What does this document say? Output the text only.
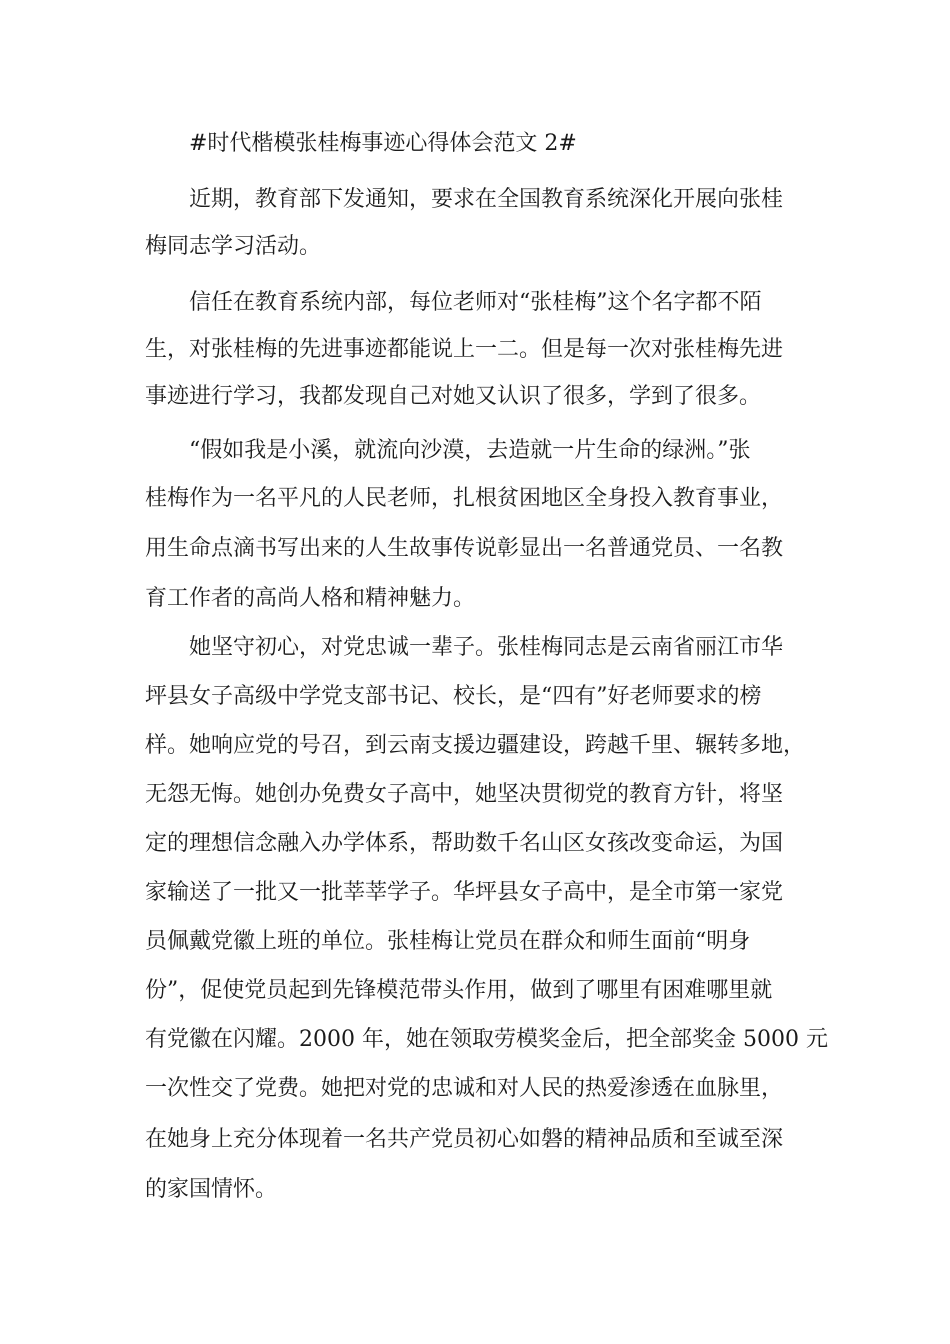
#时代楷模张桂梅事迹心得体会范文 2#
近期，教育部下发通知，要求在全国教育系统深化开展向张桂
梅同志学习活动。
信任在教育系统内部，每位老师对“张桂梅”这个名字都不陌
生，对张桂梅的先进事迹都能说上一二。但是每一次对张桂梅先进
事迹进行学习，我都发现自己对她又认识了很多，学到了很多。
“假如我是小溪，就流向沙漠，去造就一片生命的绿洲。”张
桂梅作为一名平凡的人民老师，扎根贫困地区全身投入教育事业，
用生命点滴书写出来的人生故事传说彰显出一名普通党员、一名教
育工作者的高尚人格和精神魅力。
她坚守初心，对党忠诚一辈子。张桂梅同志是云南省丽江市华
坪县女子高级中学党支部书记、校长，是“四有”好老师要求的榜
样。她响应党的号召，到云南支援边疆建设，跨越千里、辗转多地，
无怨无悔。她创办免费女子高中，她坚决贯彻党的教育方针，将坚
定的理想信念融入办学体系，帮助数千名山区女孩改变命运，为国
家输送了一批又一批莘莘学子。华坪县女子高中，是全市第一家党
员佩戴党徽上班的单位。张桂梅让党员在群众和师生面前“明身
份”，促使党员起到先锋模范带头作用，做到了哪里有困难哪里就
有党徽在闪耀。2000 年，她在领取劳模奖金后，把全部奖金 5000 元
一次性交了党费。她把对党的忠诚和对人民的热爱渗透在血脉里，
在她身上充分体现着一名共产党员初心如磐的精神品质和至诚至深
的家国情怀。
